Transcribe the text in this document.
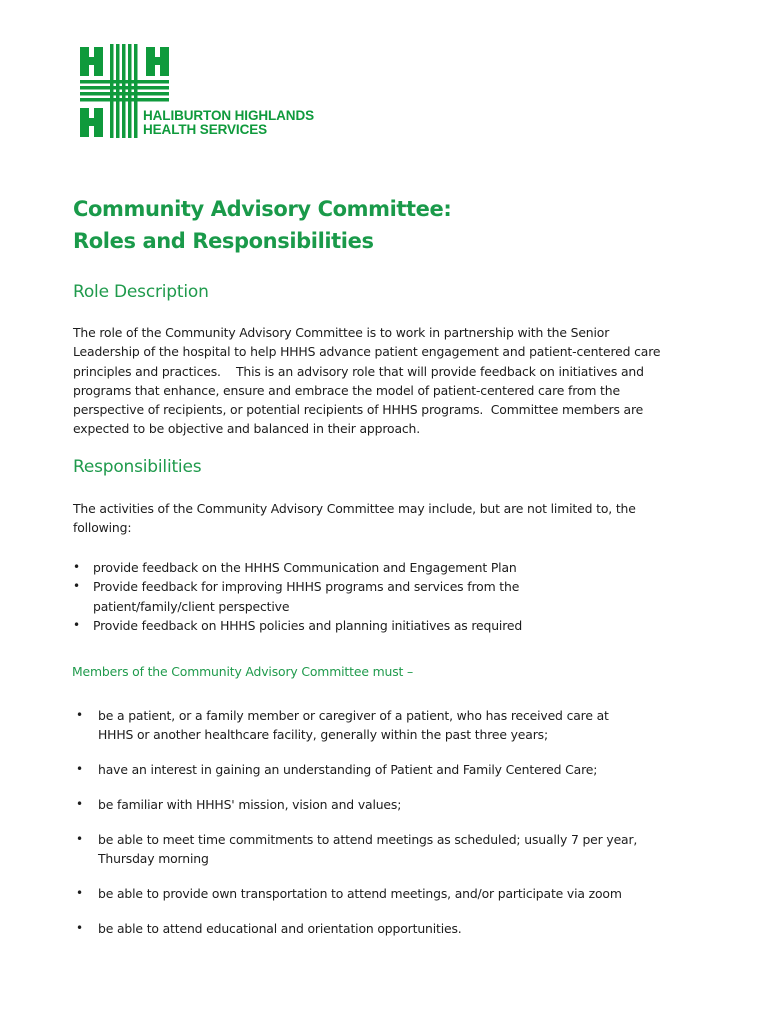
HALIBURTON HIGHLANDS
HEALTH SERVICES
Community Advisory Committee:
Roles and Responsibilities
Role Description
The role of the Community Advisory Committee is to work in partnership with the Senior
Leadership of the hospital to help HHHS advance patient engagement and patient-centered care
principles and practices.    This is an advisory role that will provide feedback on initiatives and
programs that enhance, ensure and embrace the model of patient-centered care from the
perspective of recipients, or potential recipients of HHHS programs.  Committee members are
expected to be objective and balanced in their approach.
Responsibilities
The activities of the Community Advisory Committee may include, but are not limited to, the
following:
• provide feedback on the HHHS Communication and Engagement Plan
• Provide feedback for improving HHHS programs and services from the
patient/family/client perspective
• Provide feedback on HHHS policies and planning initiatives as required
Members of the Community Advisory Committee must –
• be a patient, or a family member or caregiver of a patient, who has received care at
HHHS or another healthcare facility, generally within the past three years;
• have an interest in gaining an understanding of Patient and Family Centered Care;
• be familiar with HHHS' mission, vision and values;
• be able to meet time commitments to attend meetings as scheduled; usually 7 per year,
Thursday morning
• be able to provide own transportation to attend meetings, and/or participate via zoom
• be able to attend educational and orientation opportunities.
